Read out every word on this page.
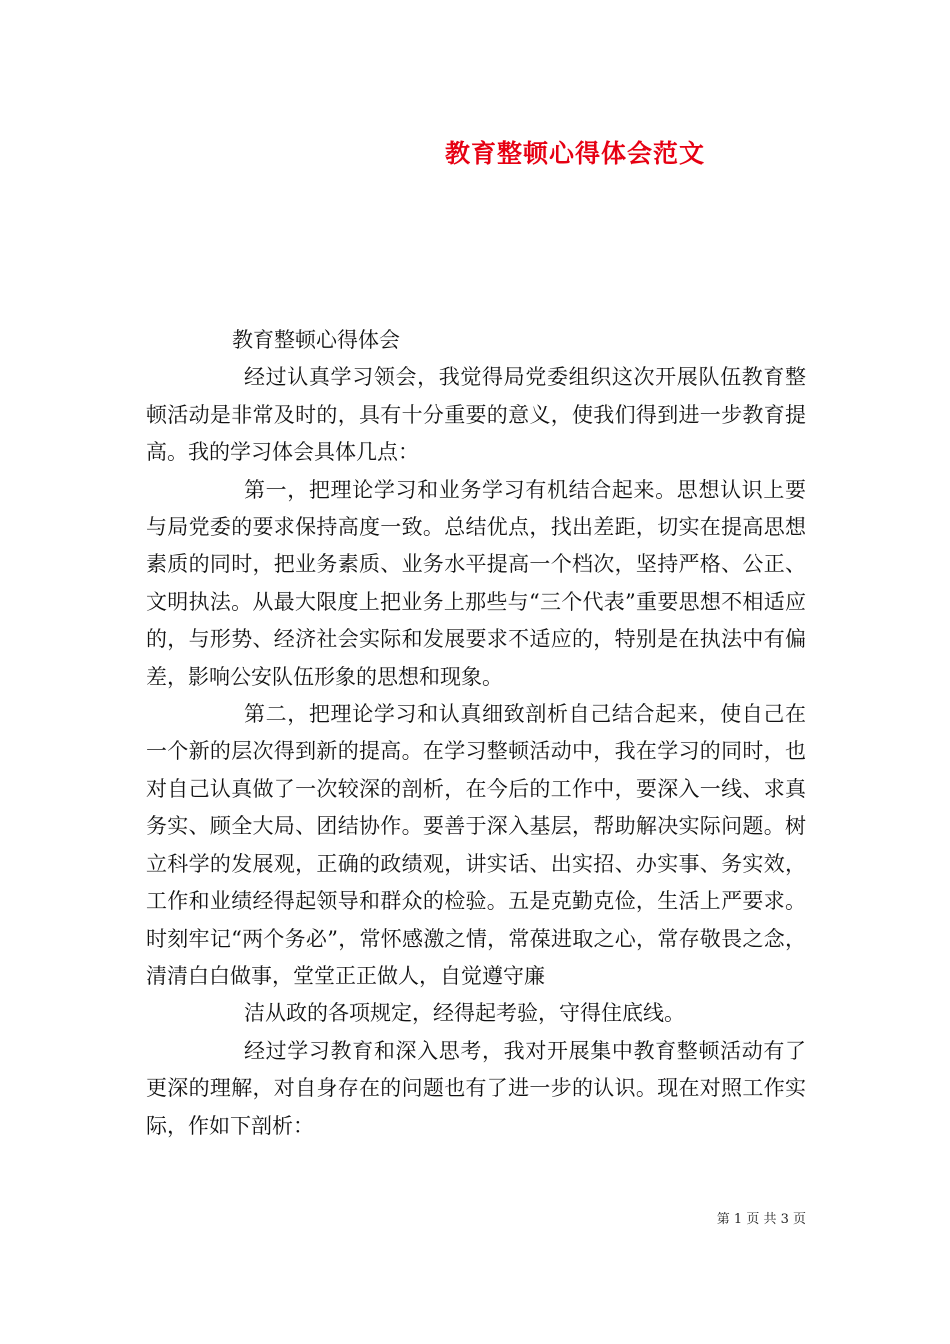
教育整顿心得体会范文
教育整顿心得体会

经过认真学习领会，我觉得局党委组织这次开展队伍教育整顿活动是非常及时的，具有十分重要的意义，使我们得到进一步教育提高。我的学习体会具体几点：

第一，把理论学习和业务学习有机结合起来。思想认识上要与局党委的要求保持高度一致。总结优点，找出差距，切实在提高思想素质的同时，把业务素质、业务水平提高一个档次，坚持严格、公正、文明执法。从最大限度上把业务上那些与“三个代表”重要思想不相适应的，与形势、经济社会实际和发展要求不适应的，特别是在执法中有偏差，影响公安队伍形象的思想和现象。

第二，把理论学习和认真细致剖析自己结合起来，使自己在一个新的层次得到新的提高。在学习整顿活动中，我在学习的同时，也对自己认真做了一次较深的剖析，在今后的工作中，要深入一线、求真务实、顾全大局、团结协作。要善于深入基层，帮助解决实际问题。树立科学的发展观，正确的政绩观，讲实话、出实招、办实事、务实效，工作和业绩经得起领导和群众的检验。五是克勤克俭，生活上严要求。时刻牢记“两个务必”，常怀感激之情，常葆进取之心，常存敬畏之念，清清白白做事，堂堂正正做人，自觉遵守廉

洁从政的各项规定，经得起考验，守得住底线。

经过学习教育和深入思考，我对开展集中教育整顿活动有了更深的理解，对自身存在的问题也有了进一步的认识。现在对照工作实际，作如下剖析：

第 1 页 共 3 页
